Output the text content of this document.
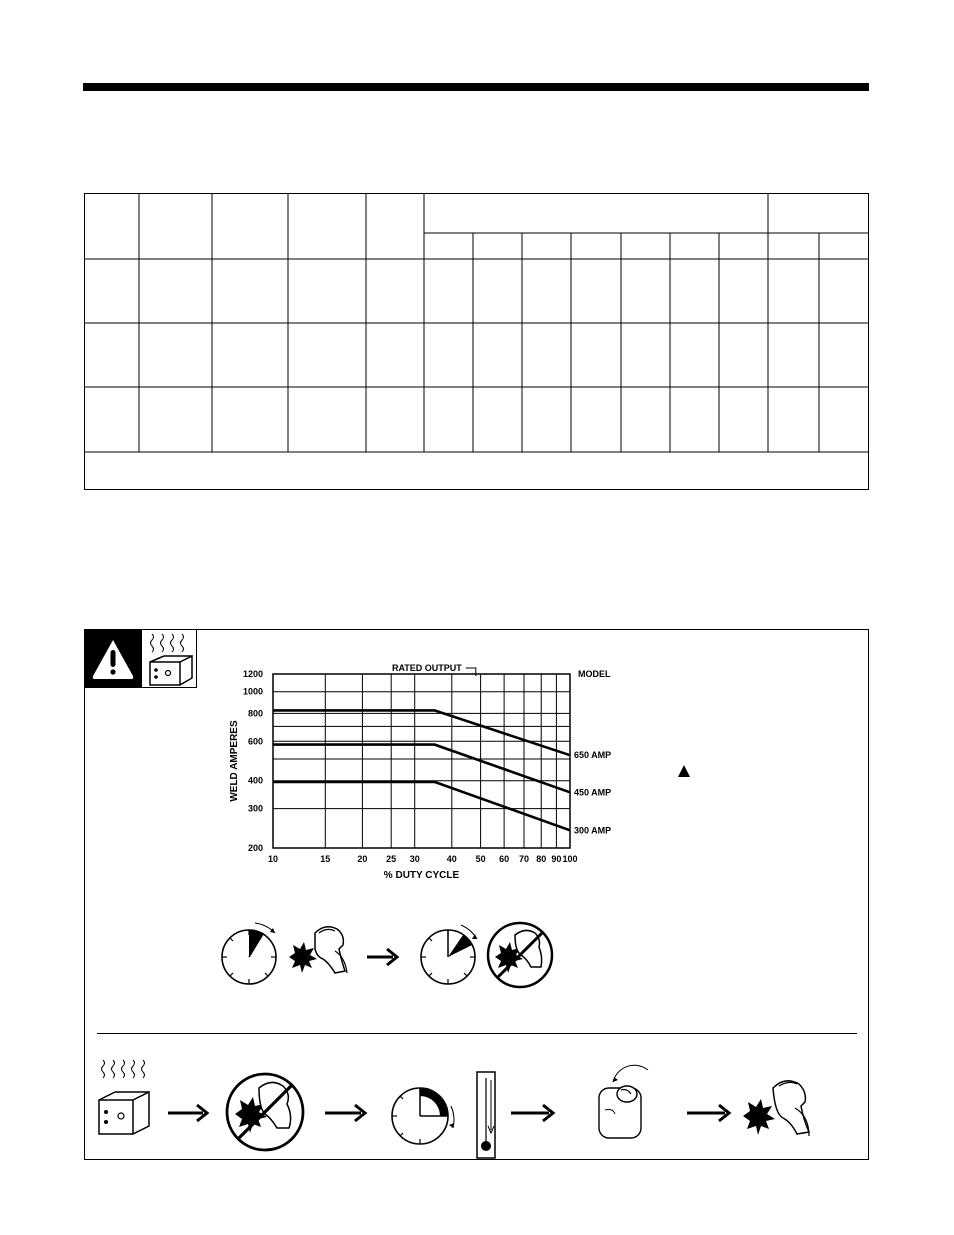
10	15	20 25 30	40 50 60 70 80 90 100
200
300
400
600
800
1000
1200
% DUTY CYCLE
WELD AMPERES
RATED OUTPUT
MODEL
650 AMP
450 AMP
300 AMP
